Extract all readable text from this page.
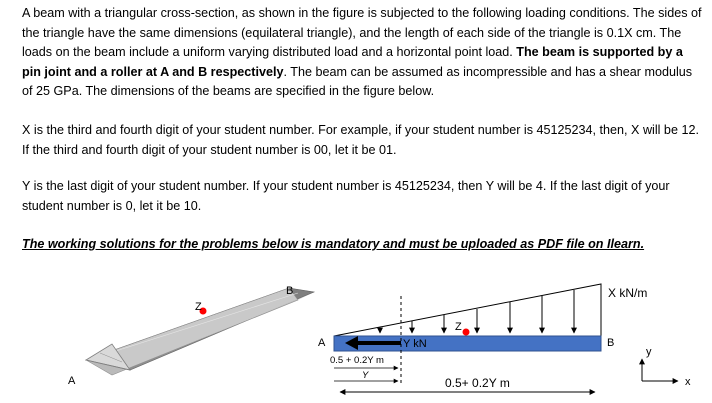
A beam with a triangular cross-section, as shown in the figure is subjected to the following loading conditions. The sides of the triangle have the same dimensions (equilateral triangle), and the length of each side of the triangle is 0.1X cm. The loads on the beam include a uniform varying distributed load and a horizontal point load. The beam is supported by a pin joint and a roller at A and B respectively. The beam can be assumed as incompressible and has a shear modulus of 25 GPa. The dimensions of the beams are specified in the figure below.
X is the third and fourth digit of your student number. For example, if your student number is 45125234, then, X will be 12. If the third and fourth digit of your student number is 00, let it be 01.
Y is the last digit of your student number. If your student number is 45125234, then Y will be 4. If the last digit of your student number is 0, let it be 10.
The working solutions for the problems below is mandatory and must be uploaded as PDF file on Ilearn.
Z
B
A
X kN/m
A	B
Y kN
Z
0.5 + 0.2Y m
Y
0.5+ 0.2Y m
y
x
